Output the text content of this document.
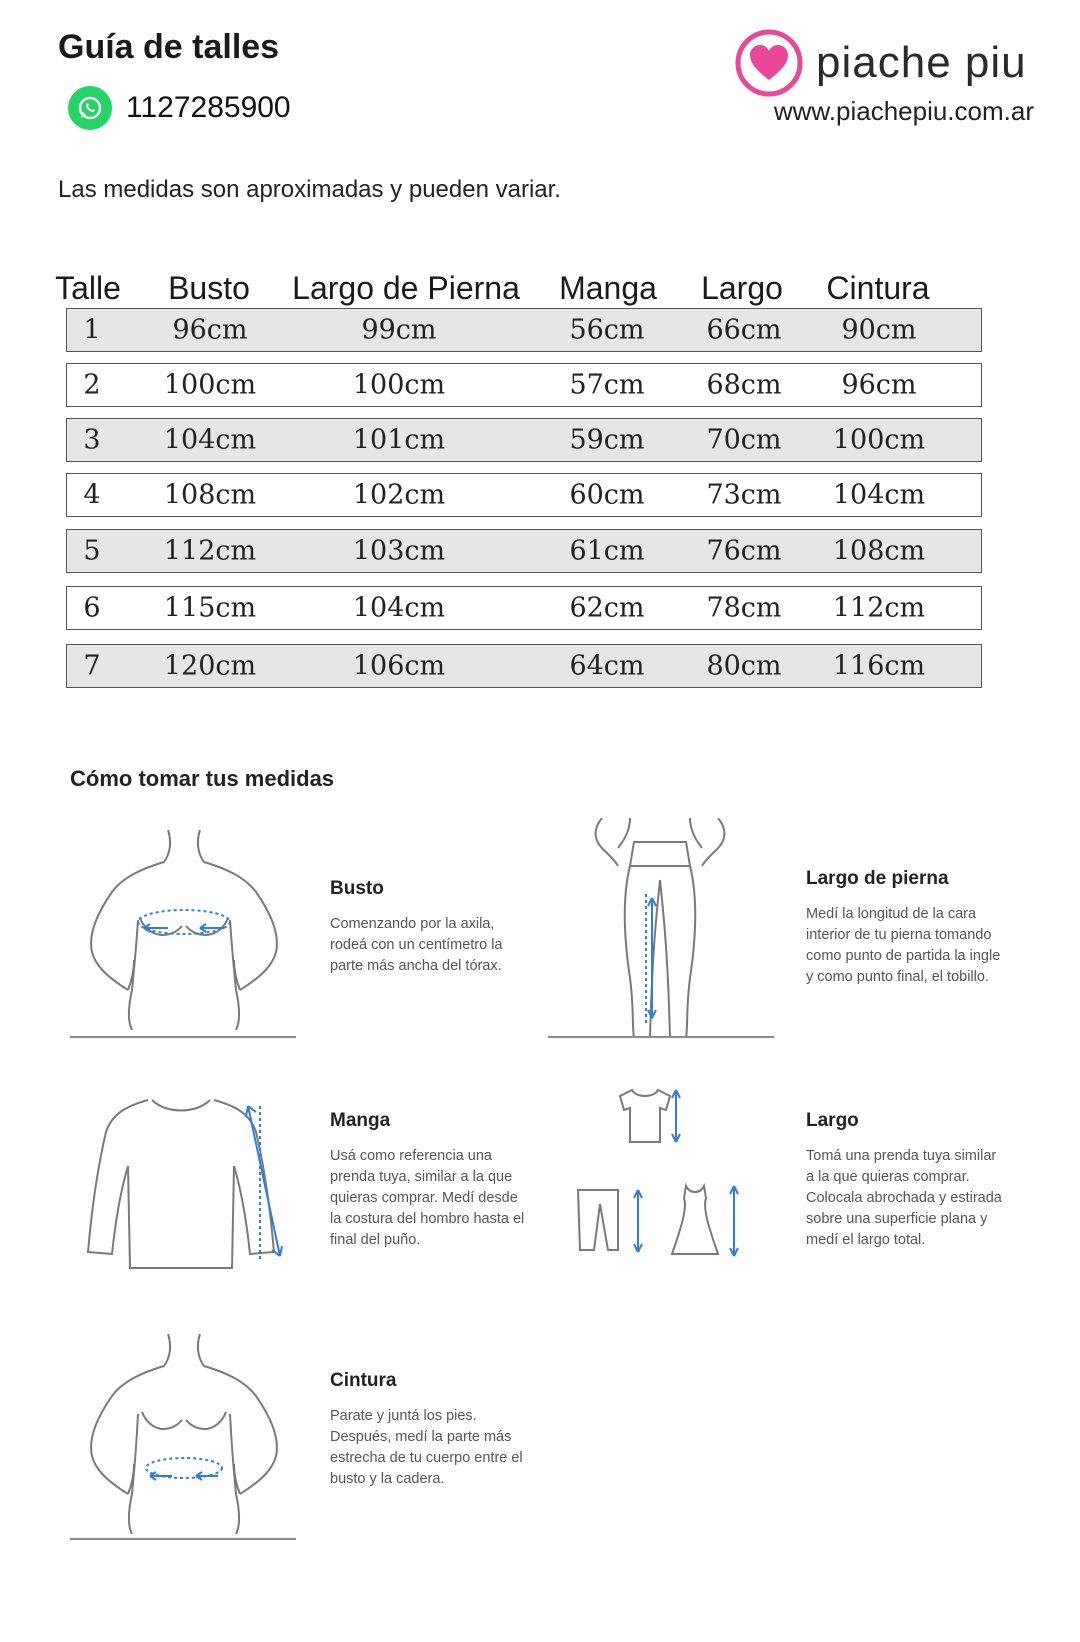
Guía de talles
1127285900
piache piu
www.piachepiu.com.ar
Las medidas son aproximadas y pueden variar.
Talle Busto Largo de Pierna Manga Largo Cintura
1	96cm	99cm	56cm 66cm 90cm
2 100cm	100cm	57cm 68cm 96cm
3 104cm	101cm	59cm 70cm 100cm
4 108cm	102cm	60cm 73cm 104cm
5 112cm	103cm	61cm 76cm 108cm
6 115cm	104cm	62cm 78cm 112cm
7 120cm	106cm	64cm 80cm 116cm
Cómo tomar tus medidas
Busto
Comenzando por la axila,
rodeá con un centímetro la
parte más ancha del tórax.
Largo de pierna
Medí la longitud de la cara
interior de tu pierna tomando
como punto de partida la ingle
y como punto final, el tobillo.
Manga
Usá como referencia una
prenda tuya, similar a la que
quieras comprar. Medí desde
la costura del hombro hasta el
final del puño.
Largo
Tomá una prenda tuya similar
a la que quieras comprar.
Colocala abrochada y estirada
sobre una superficie plana y
medí el largo total.
Cintura
Parate y juntá los pies.
Después, medí la parte más
estrecha de tu cuerpo entre el
busto y la cadera.
